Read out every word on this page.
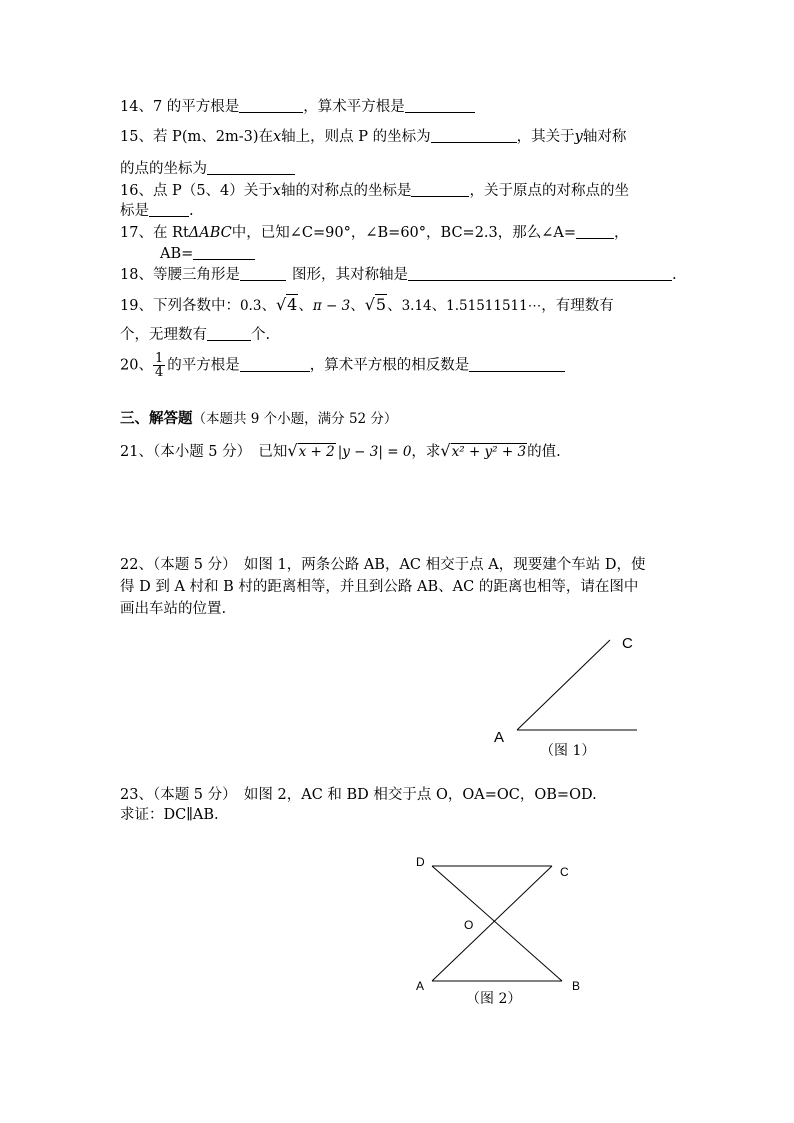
14、7 的平方根是	，算术平方根是
15、若 P(m、2m-3)在x轴上，则点 P 的坐标为	，其关于y轴对称
的点的坐标为
16、点 P（5、4）关于x轴的对称点的坐标是	，关于原点的对称点的坐
标是	.
17、在 RtΔABC中，已知∠C=90°，∠B=60°，BC=2.3，那么∠A=	，
AB=
18、等腰三角形是	图形，其对称轴是	.
19、下列各数中：0.3、√4、π − 3、√5、3.14、1.51511511⋯，有理数有
个，无理数有	个.
20、 $\frac{1}{4}$ 的平方根是	，算术平方根的相反数是
三、解答题（本题共 9 个小题，满分 52 分）
21、（本小题 5 分）　已知√x + 2 |y − 3| = 0，求√x² + y² + 3的值.
22、（本题 5 分）　如图 1，两条公路 AB，AC 相交于点 A，现要建个车站 D，使
得 D 到 A 村和 B 村的距离相等，并且到公路 AB、AC 的距离也相等，请在图中
画出车站的位置.
A
C
（图 1）
23、（本题 5 分）　如图 2，AC 和 BD 相交于点 O，OA=OC，OB=OD.
求证：DC∥AB.
D
C
O
A	B
（图 2）
